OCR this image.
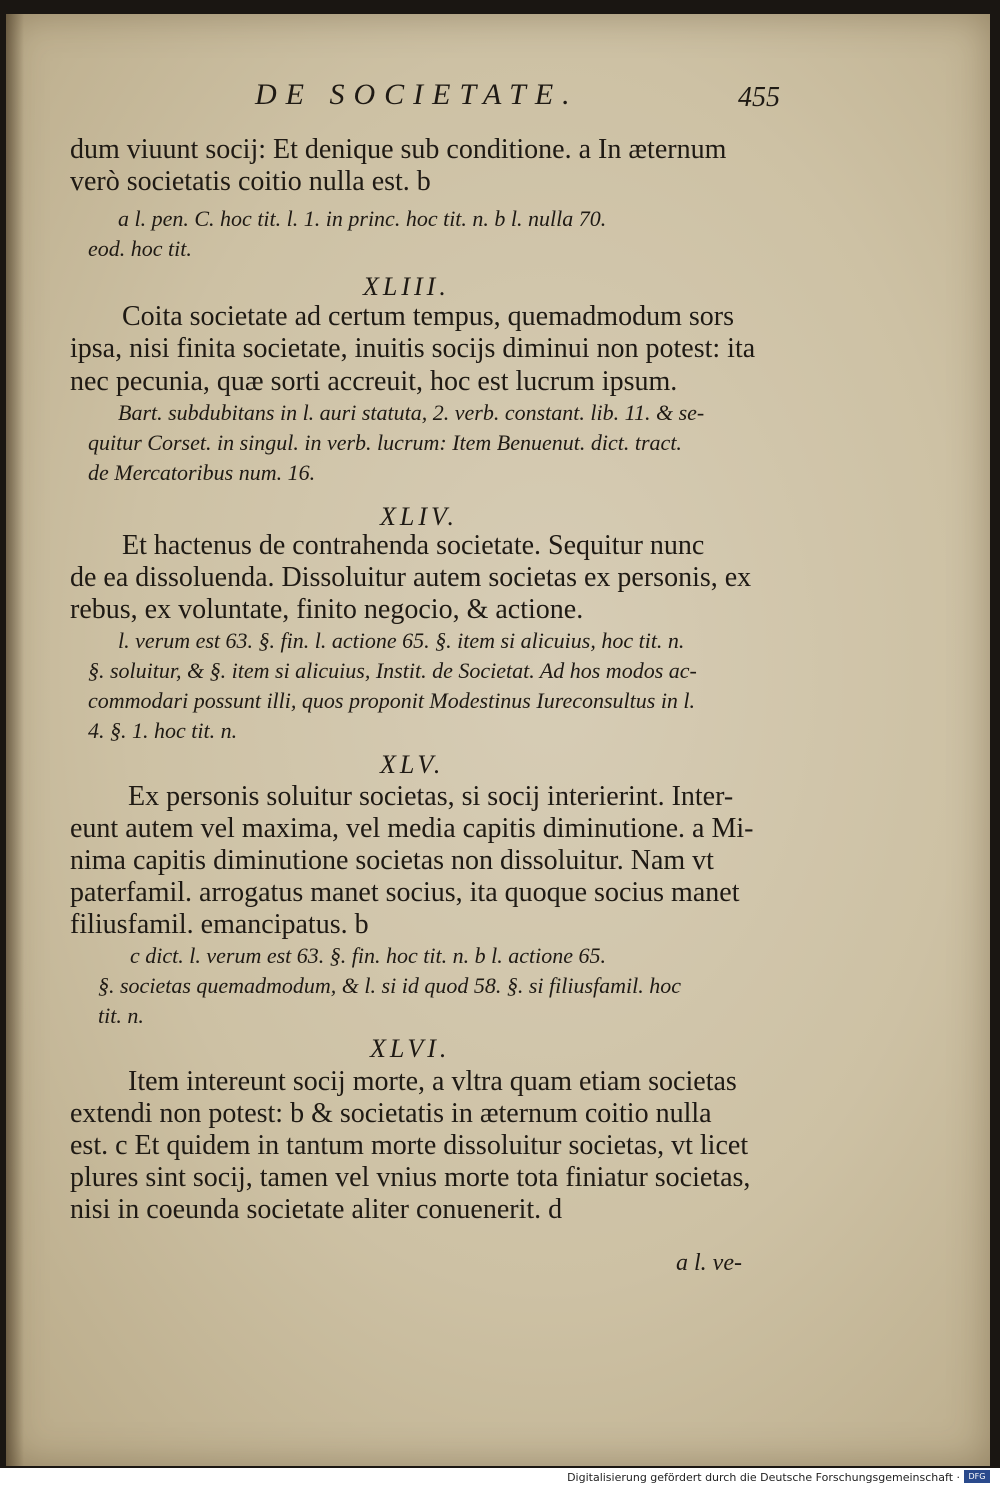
DE SOCIETATE.	455
dum viuunt socij: Et denique sub conditione. a In æternum
verò societatis coitio nulla est. b
a l. pen. C. hoc tit. l. 1. in princ. hoc tit. n. b l. nulla 70.
eod. hoc tit.
XLIII.
Coita societate ad certum tempus, quemadmodum sors
ipsa, nisi finita societate, inuitis socijs diminui non potest: ita
nec pecunia, quæ sorti accreuit, hoc est lucrum ipsum.
Bart. subdubitans in l. auri statuta, 2. verb. constant. lib. 11. & se-
quitur Corset. in singul. in verb. lucrum: Item Benuenut. dict. tract.
de Mercatoribus num. 16.
XLIV.
Et hactenus de contrahenda societate. Sequitur nunc
de ea dissoluenda. Dissoluitur autem societas ex personis, ex
rebus, ex voluntate, finito negocio, & actione.
l. verum est 63. §. fin. l. actione 65. §. item si alicuius, hoc tit. n.
§. soluitur, & §. item si alicuius, Instit. de Societat. Ad hos modos ac-
commodari possunt illi, quos proponit Modestinus Iureconsultus in l.
4. §. 1. hoc tit. n.
XLV.
Ex personis soluitur societas, si socij interierint. Inter-
eunt autem vel maxima, vel media capitis diminutione. a Mi-
nima capitis diminutione societas non dissoluitur. Nam vt
paterfamil. arrogatus manet socius, ita quoque socius manet
filiusfamil. emancipatus. b
c dict. l. verum est 63. §. fin. hoc tit. n. b l. actione 65.
§. societas quemadmodum, & l. si id quod 58. §. si filiusfamil. hoc
tit. n.
XLVI.
Item intereunt socij morte, a vltra quam etiam societas
extendi non potest: b & societatis in æternum coitio nulla
est. c Et quidem in tantum morte dissoluitur societas, vt licet
plures sint socij, tamen vel vnius morte tota finiatur societas,
nisi in coeunda societate aliter conuenerit. d
a l. ve-
Digitalisierung gefördert durch die Deutsche Forschungsgemeinschaft ·	DFG
